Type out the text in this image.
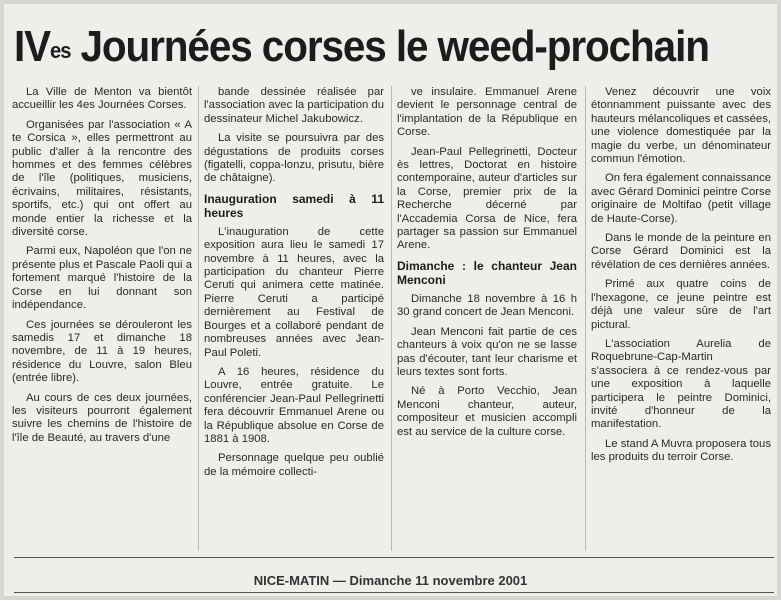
$IV^{es}$ Journées corses le weed-prochain

La Ville de Menton va bientôt accueillir les 4es Journées Corses.

Organisées par l'association « A te Corsica », elles permettront au public d'aller à la rencontre des hommes et des femmes célèbres de l'île (politiques, musiciens, écrivains, militaires, résistants, sportifs, etc.) qui ont offert au monde entier la richesse et la diversité corse.

Parmi eux, Napoléon que l'on ne présente plus et Pascale Paoli qui a fortement marqué l'histoire de la Corse en lui donnant son indépendance.

Ces journées se dérouleront les samedis 17 et dimanche 18 novembre, de 11 à 19 heures, résidence du Louvre, salon Bleu (entrée libre).

Au cours de ces deux journées, les visiteurs pourront également suivre les chemins de l'histoire de l'île de Beauté, au travers d'une

bande dessinée réalisée par l'association avec la participation du dessinateur Michel Jakubowicz.

La visite se poursuivra par des dégustations de produits corses (figatelli, coppa-lonzu, prisutu, bière de châtaigne).

Inauguration samedi à 11 heures

L'inauguration de cette exposition aura lieu le samedi 17 novembre à 11 heures, avec la participation du chanteur Pierre Ceruti qui animera cette matinée. Pierre Ceruti a participé dernièrement au Festival de Bourges et a collaboré pendant de nombreuses années avec Jean-Paul Poleti.

A 16 heures, résidence du Louvre, entrée gratuite. Le conférencier Jean-Paul Pellegrinetti fera découvrir Emmanuel Arene ou la République absolue en Corse de 1881 à 1908.

Personnage quelque peu oublié de la mémoire collecti-

ve insulaire. Emmanuel Arene devient le personnage central de l'implantation de la République en Corse.

Jean-Paul Pellegrinetti, Docteur ès lettres, Doctorat en histoire contemporaine, auteur d'articles sur la Corse, premier prix de la Recherche décerné par l'Accademia Corsa de Nice, fera partager sa passion sur Emmanuel Arene.

Dimanche : le chanteur Jean Menconi

Dimanche 18 novembre à 16 h 30 grand concert de Jean Menconi.

Jean Menconi fait partie de ces chanteurs à voix qu'on ne se lasse pas d'écouter, tant leur charisme et leurs textes sont forts.

Né à Porto Vecchio, Jean Menconi chanteur, auteur, compositeur et musicien accompli est au service de la culture corse.

Venez découvrir une voix étonnamment puissante avec des hauteurs mélancoliques et cassées, une violence domestiquée par la magie du verbe, un dénominateur commun l'émotion.

On fera également connaissance avec Gérard Dominici peintre Corse originaire de Moltifao (petit village de Haute-Corse).

Dans le monde de la peinture en Corse Gérard Dominici est la révélation de ces dernières années.

Primé aux quatre coins de l'hexagone, ce jeune peintre est déjà une valeur sûre de l'art pictural.

L'association Aurelia de Roquebrune-Cap-Martin s'associera à ce rendez-vous par une exposition à laquelle participera le peintre Dominici, invité d'honneur de la manifestation.

Le stand A Muvra proposera tous les produits du terroir Corse.

NICE-MATIN — Dimanche 11 novembre 2001
